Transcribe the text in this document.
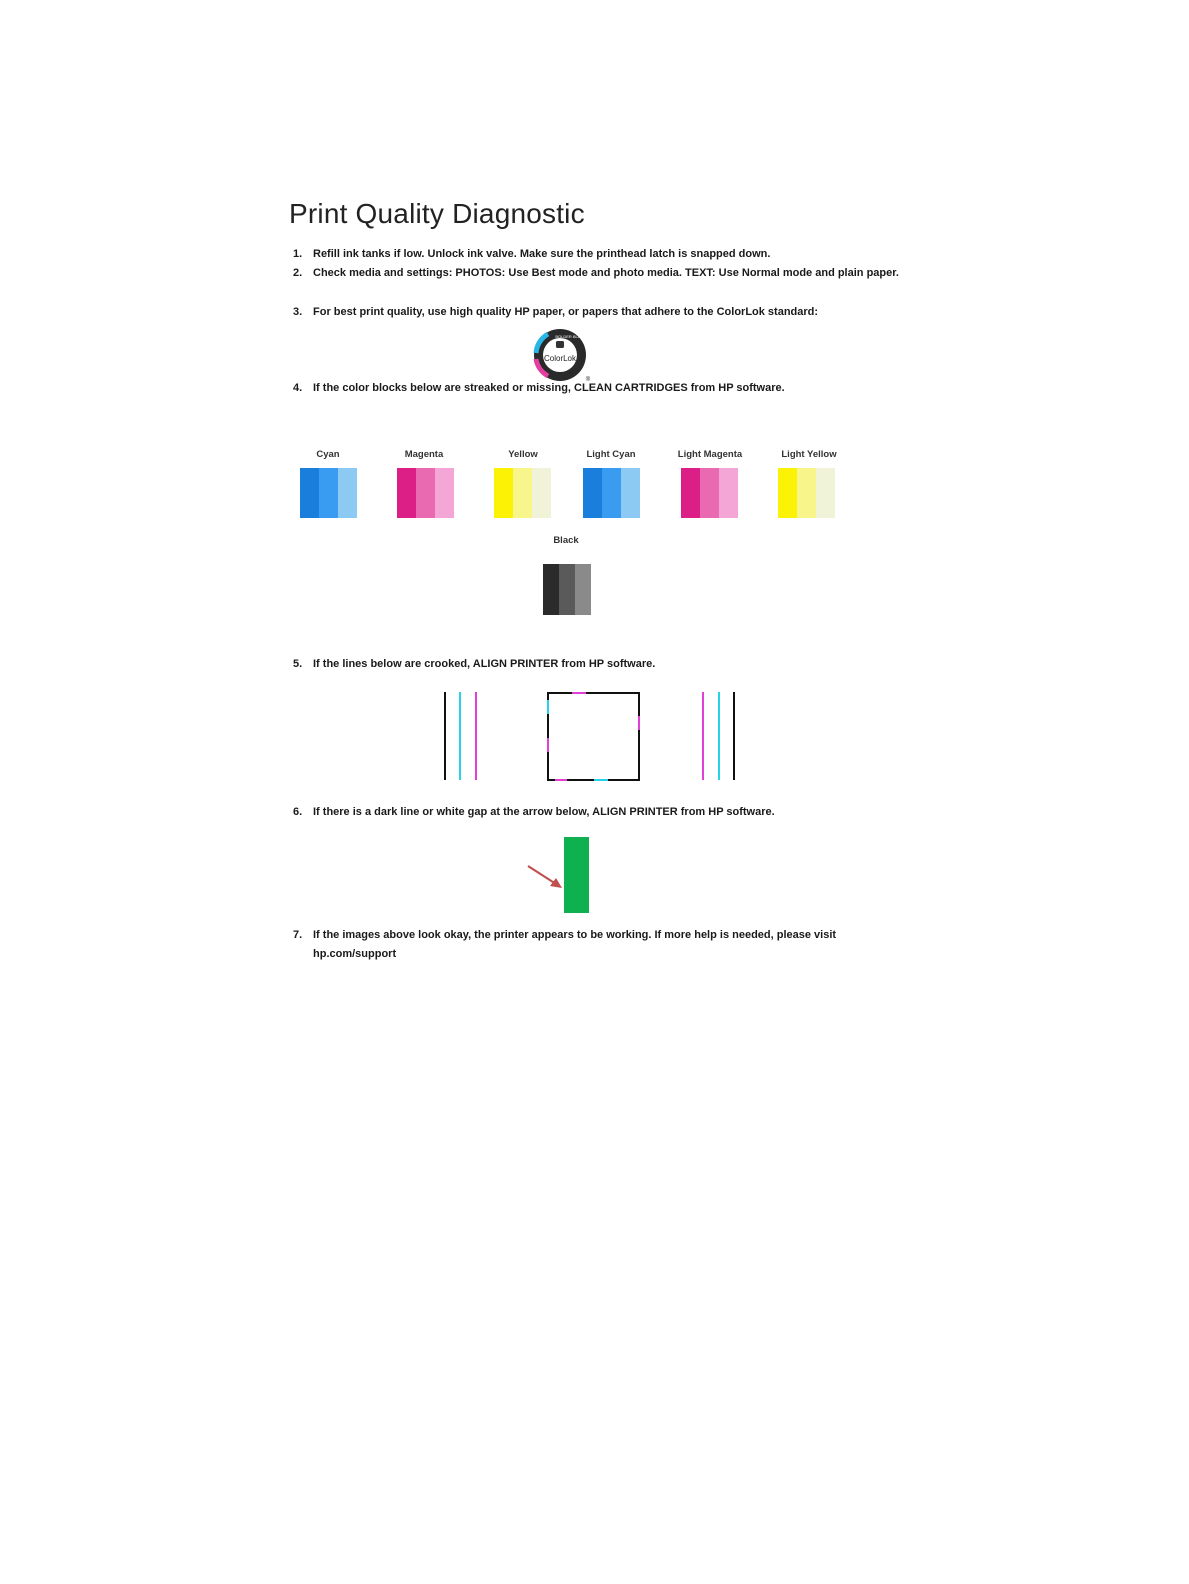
Print Quality Diagnostic
1. Refill ink tanks if low. Unlock ink valve. Make sure the printhead latch is snapped down.
2. Check media and settings: PHOTOS: Use Best mode and photo media. TEXT: Use Normal mode and plain paper.
3. For best print quality, use high quality HP paper, or papers that adhere to the ColorLok standard:
ColorLok
BOLDER BLACKS
®
4. If the color blocks below are streaked or missing, CLEAN CARTRIDGES from HP software.
Cyan	Magenta	Yellow	Light Cyan	Light Magenta	Light Yellow
Black
5. If the lines below are crooked, ALIGN PRINTER from HP software.
6. If there is a dark line or white gap at the arrow below, ALIGN PRINTER from HP software.
7. If the images above look okay, the printer appears to be working. If more help is needed, please visit hp.com/support
